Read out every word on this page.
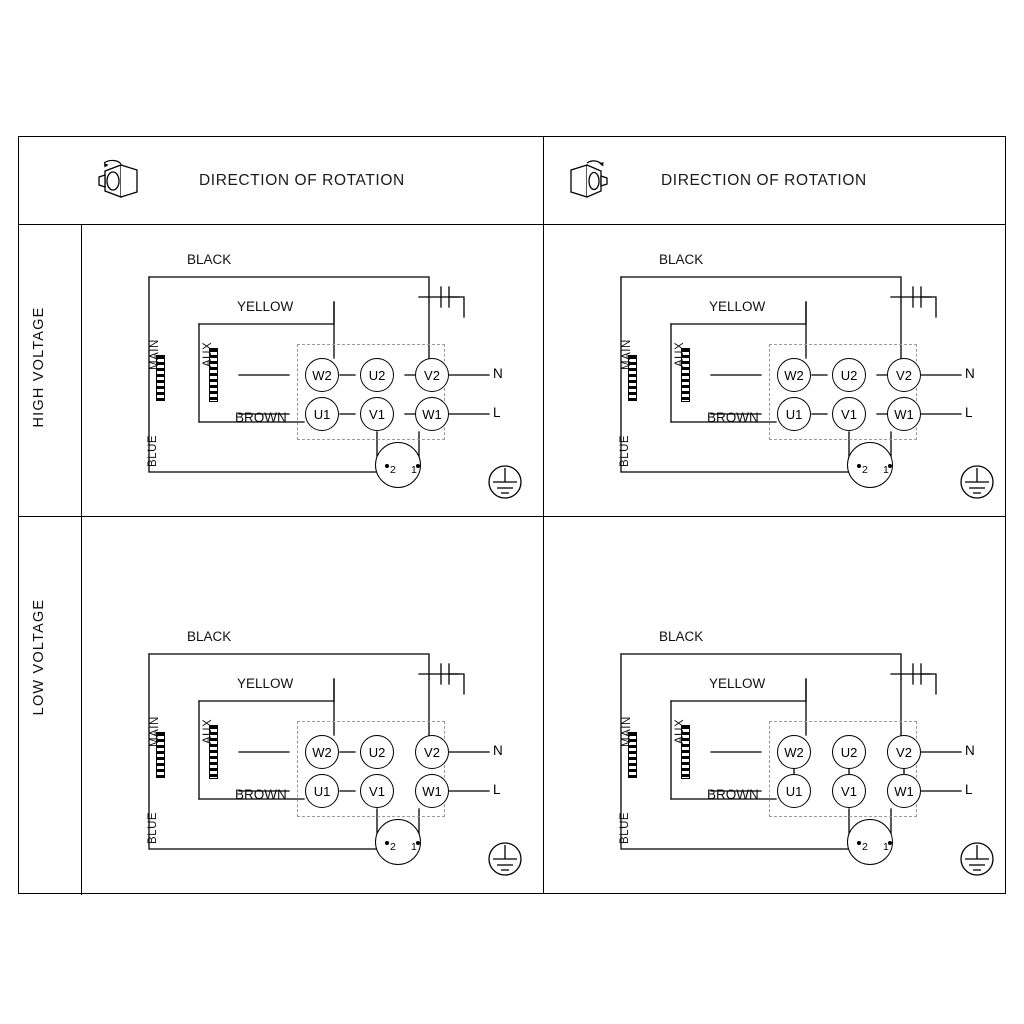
DIRECTION OF ROTATION	DIRECTION OF ROTATION
HIGH VOLTAGE
LOW VOLTAGE
BLACK
YELLOW
BROWN
BLUE
MAIN	AUX
W2	U2	V2
U1	V1	W1
2 1
N
L
BLACK
YELLOW
BROWN
BLUE
MAIN	AUX
W2	U2	V2
U1	V1	W1
2 1
N
L
BLACK
YELLOW
BROWN
BLUE
MAIN	AUX
W2	U2	V2
U1	V1	W1
2 1
N
L
BLACK
YELLOW
BROWN
BLUE
MAIN	AUX
W2	U2	V2
U1	V1	W1
2 1
N
L
